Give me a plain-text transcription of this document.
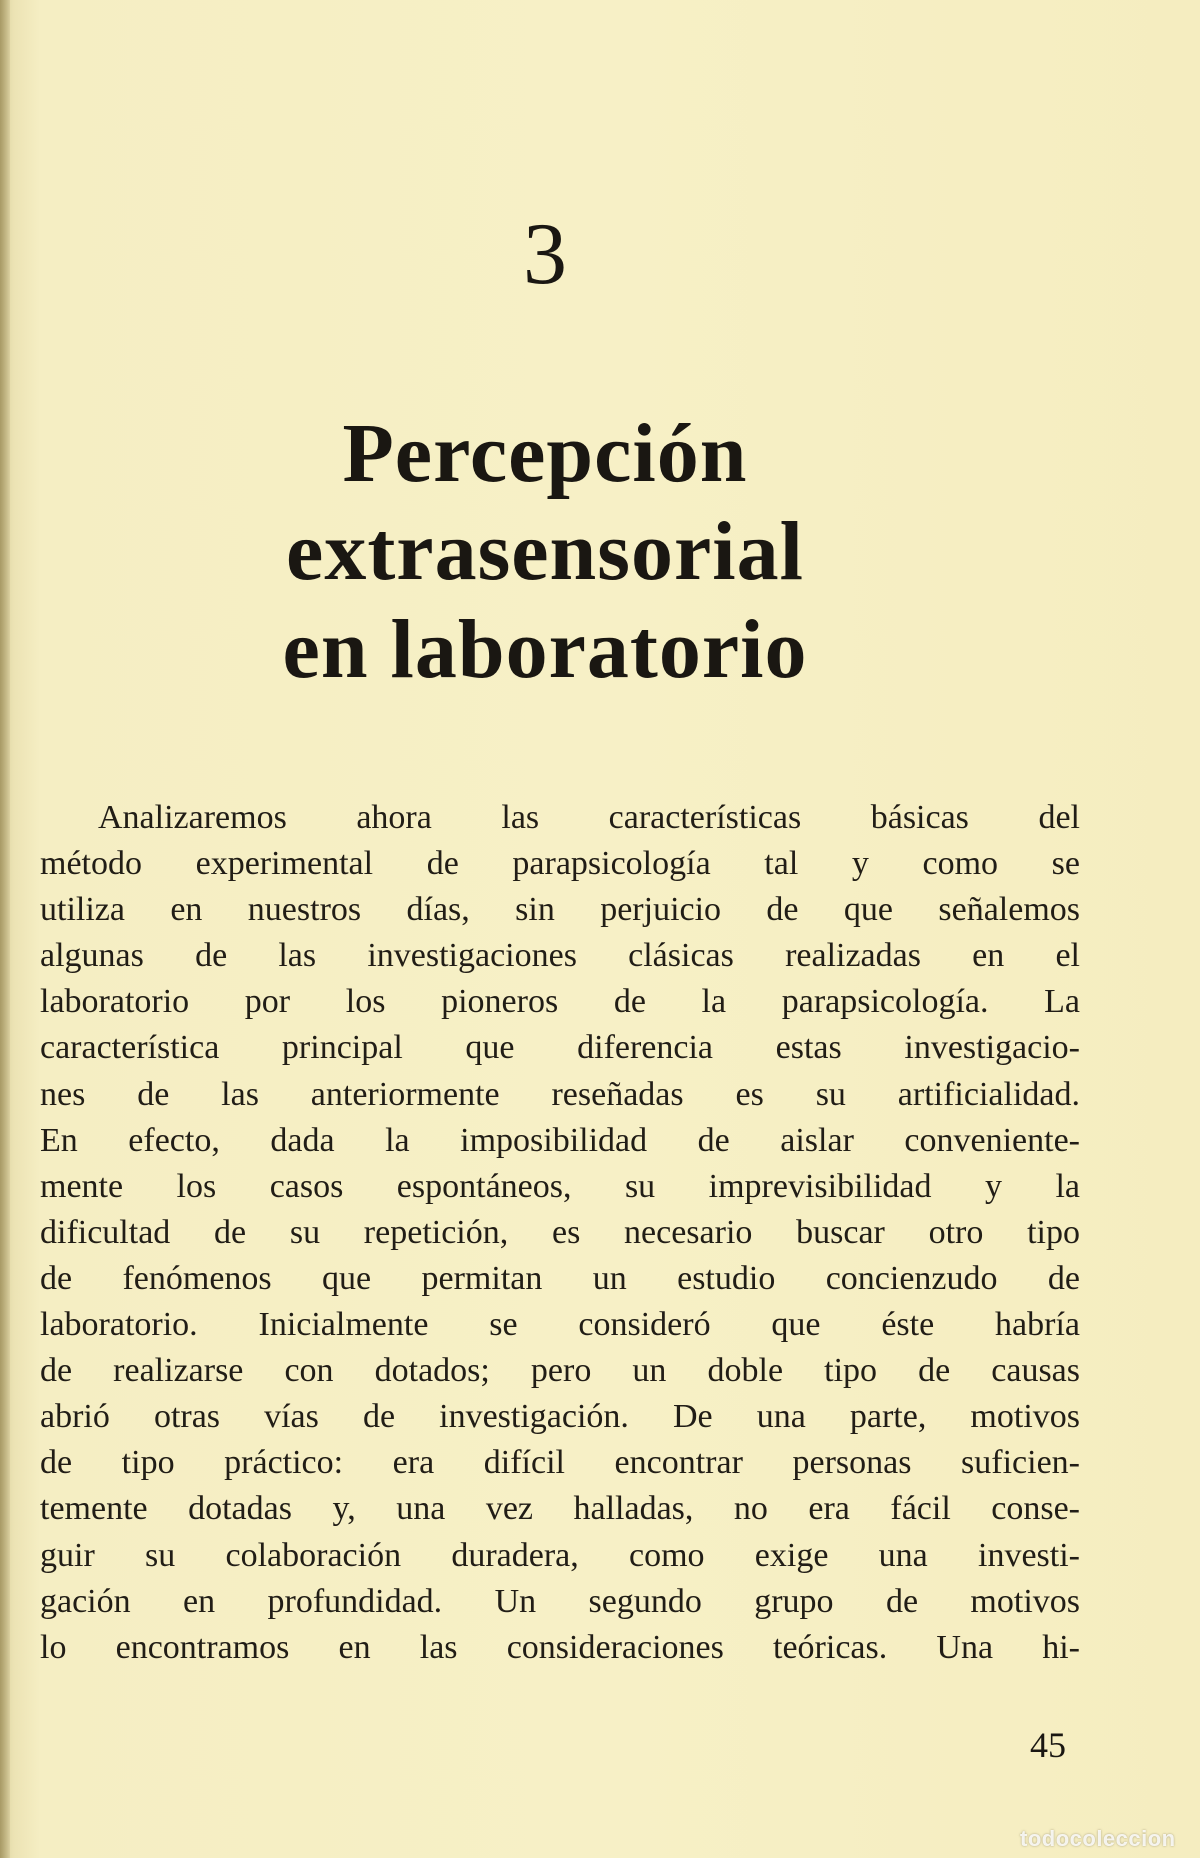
3
Percepción
extrasensorial
en laboratorio
Analizaremos ahora las características básicas del
método experimental de parapsicología tal y como se
utiliza en nuestros días, sin perjuicio de que señalemos
algunas de las investigaciones clásicas realizadas en el
laboratorio por los pioneros de la parapsicología. La
característica principal que diferencia estas investigacio-
nes de las anteriormente reseñadas es su artificialidad.
En efecto, dada la imposibilidad de aislar conveniente-
mente los casos espontáneos, su imprevisibilidad y la
dificultad de su repetición, es necesario buscar otro tipo
de fenómenos que permitan un estudio concienzudo de
laboratorio. Inicialmente se consideró que éste habría
de realizarse con dotados; pero un doble tipo de causas
abrió otras vías de investigación. De una parte, motivos
de tipo práctico: era difícil encontrar personas suficien-
temente dotadas y, una vez halladas, no era fácil conse-
guir su colaboración duradera, como exige una investi-
gación en profundidad. Un segundo grupo de motivos
lo encontramos en las consideraciones teóricas. Una hi-
45
todocoleccion
